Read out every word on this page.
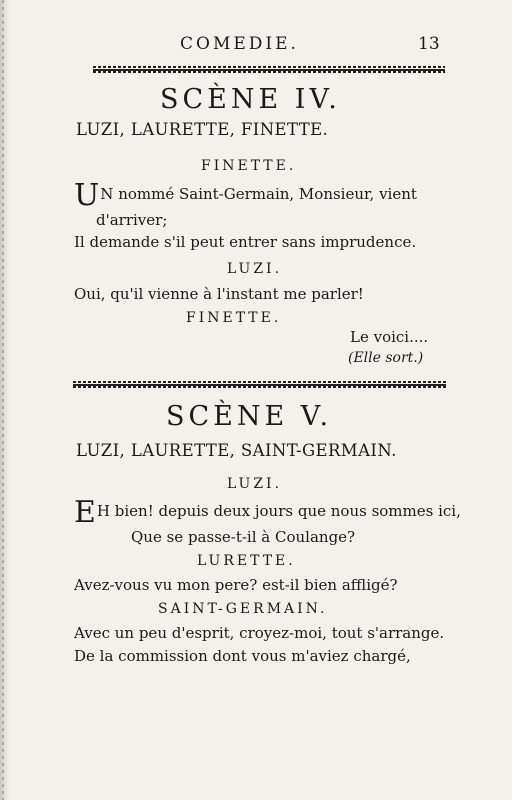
COMEDIE.	13
SCÈNE IV.
LUZI, LAURETTE, FINETTE.
FINETTE.
UN nommé Saint-Germain, Monsieur, vient
d'arriver;
Il demande s'il peut entrer sans imprudence.
LUZI.
Oui, qu'il vienne à l'instant me parler!
FINETTE.
Le voici....
(Elle sort.)
SCÈNE V.
LUZI, LAURETTE, SAINT-GERMAIN.
LUZI.
EH bien! depuis deux jours que nous sommes ici,
Que se passe-t-il à Coulange?
LURETTE.
Avez-vous vu mon pere? est-il bien affligé?
SAINT-GERMAIN.
Avec un peu d'esprit, croyez-moi, tout s'arrange.
De la commission dont vous m'aviez chargé,
